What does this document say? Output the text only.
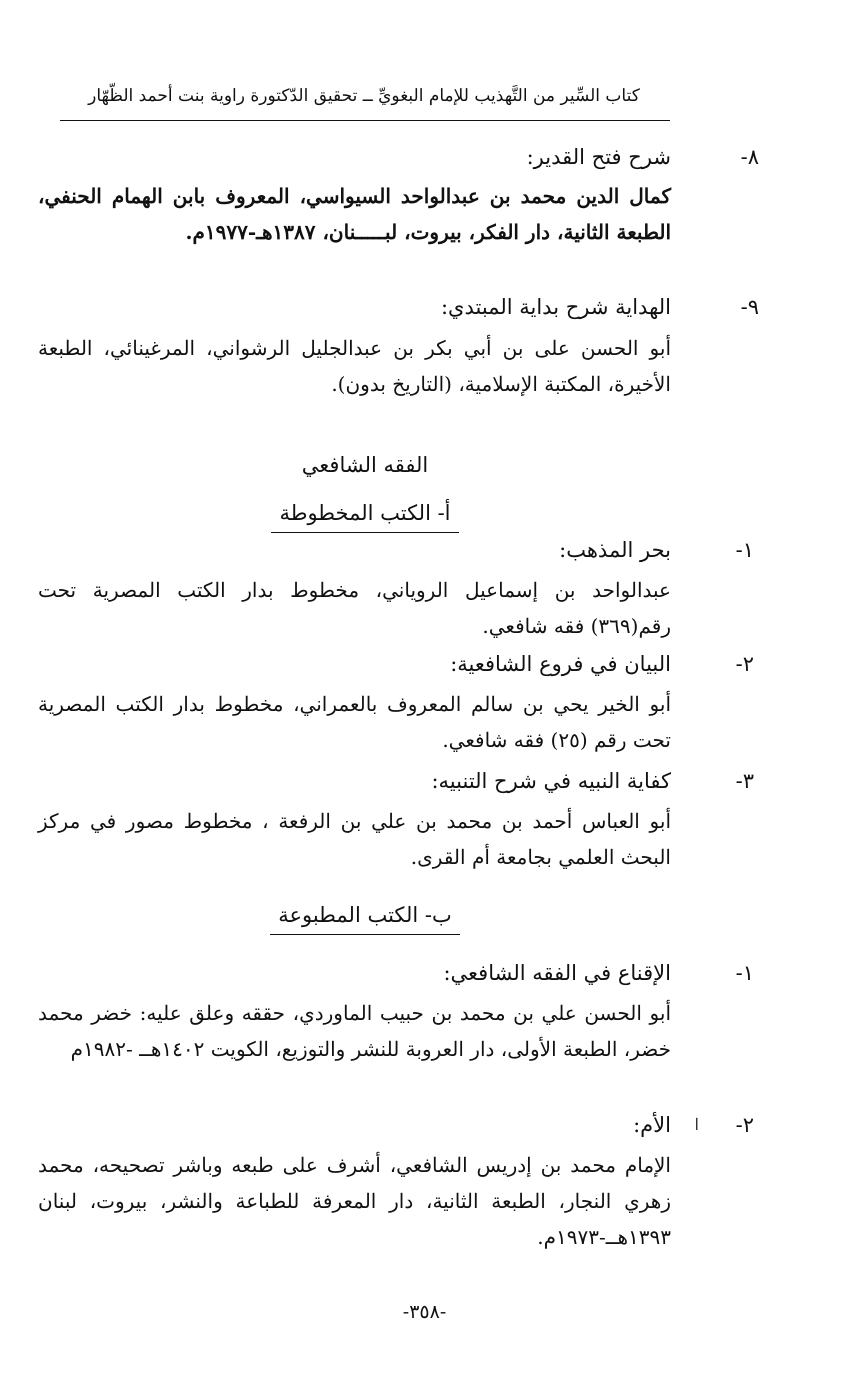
كتاب السِّير من التَّهذيب للإمام البغويِّ ــ تحقيق الدّكتورة راوية بنت أحمد الظّهّار
٨-
شرح فتح القدير:
كمال الدين محمد بن عبدالواحد السيواسي، المعروف بابن الهمام الحنفي، الطبعة الثانية، دار الفكر، بيروت، لبـــــنان، ١٣٨٧هـ-١٩٧٧م.
٩-
الهداية شرح بداية المبتدي:
أبو الحسن على بن أبي بكر بن عبدالجليل الرشواني، المرغينائي، الطبعة الأخيرة، المكتبة الإسلامية، (التاريخ بدون).
الفقه الشافعي
أ- الكتب المخطوطة
١-
بحر المذهب:
عبدالواحد بن إسماعيل الروياني، مخطوط بدار الكتب المصرية تحت رقم(٣٦٩) فقه شافعي.
٢-
البيان في فروع الشافعية:
أبو الخير يحي بن سالم المعروف بالعمراني، مخطوط بدار الكتب المصرية تحت رقم (٢٥) فقه شافعي.
٣-
كفاية النبيه في شرح التنبيه:
أبو العباس أحمد بن محمد بن علي بن الرفعة ، مخطوط مصور في مركز البحث العلمي بجامعة أم القرى.
ب- الكتب المطبوعة
١-
الإقناع في الفقه الشافعي:
أبو الحسن علي بن محمد بن حبيب الماوردي، حققه وعلق عليه: خضر محمد خضر، الطبعة الأولى، دار العروبة للنشر والتوزيع، الكويت ١٤٠٢هــ -١٩٨٢م
٢-
ا
الأم:
الإمام محمد بن إدريس الشافعي، أشرف على طبعه وباشر تصحيحه، محمد زهري النجار، الطبعة الثانية، دار المعرفة للطباعة والنشر، بيروت، لبنان ١٣٩٣هــ-١٩٧٣م.
-٣٥٨-
